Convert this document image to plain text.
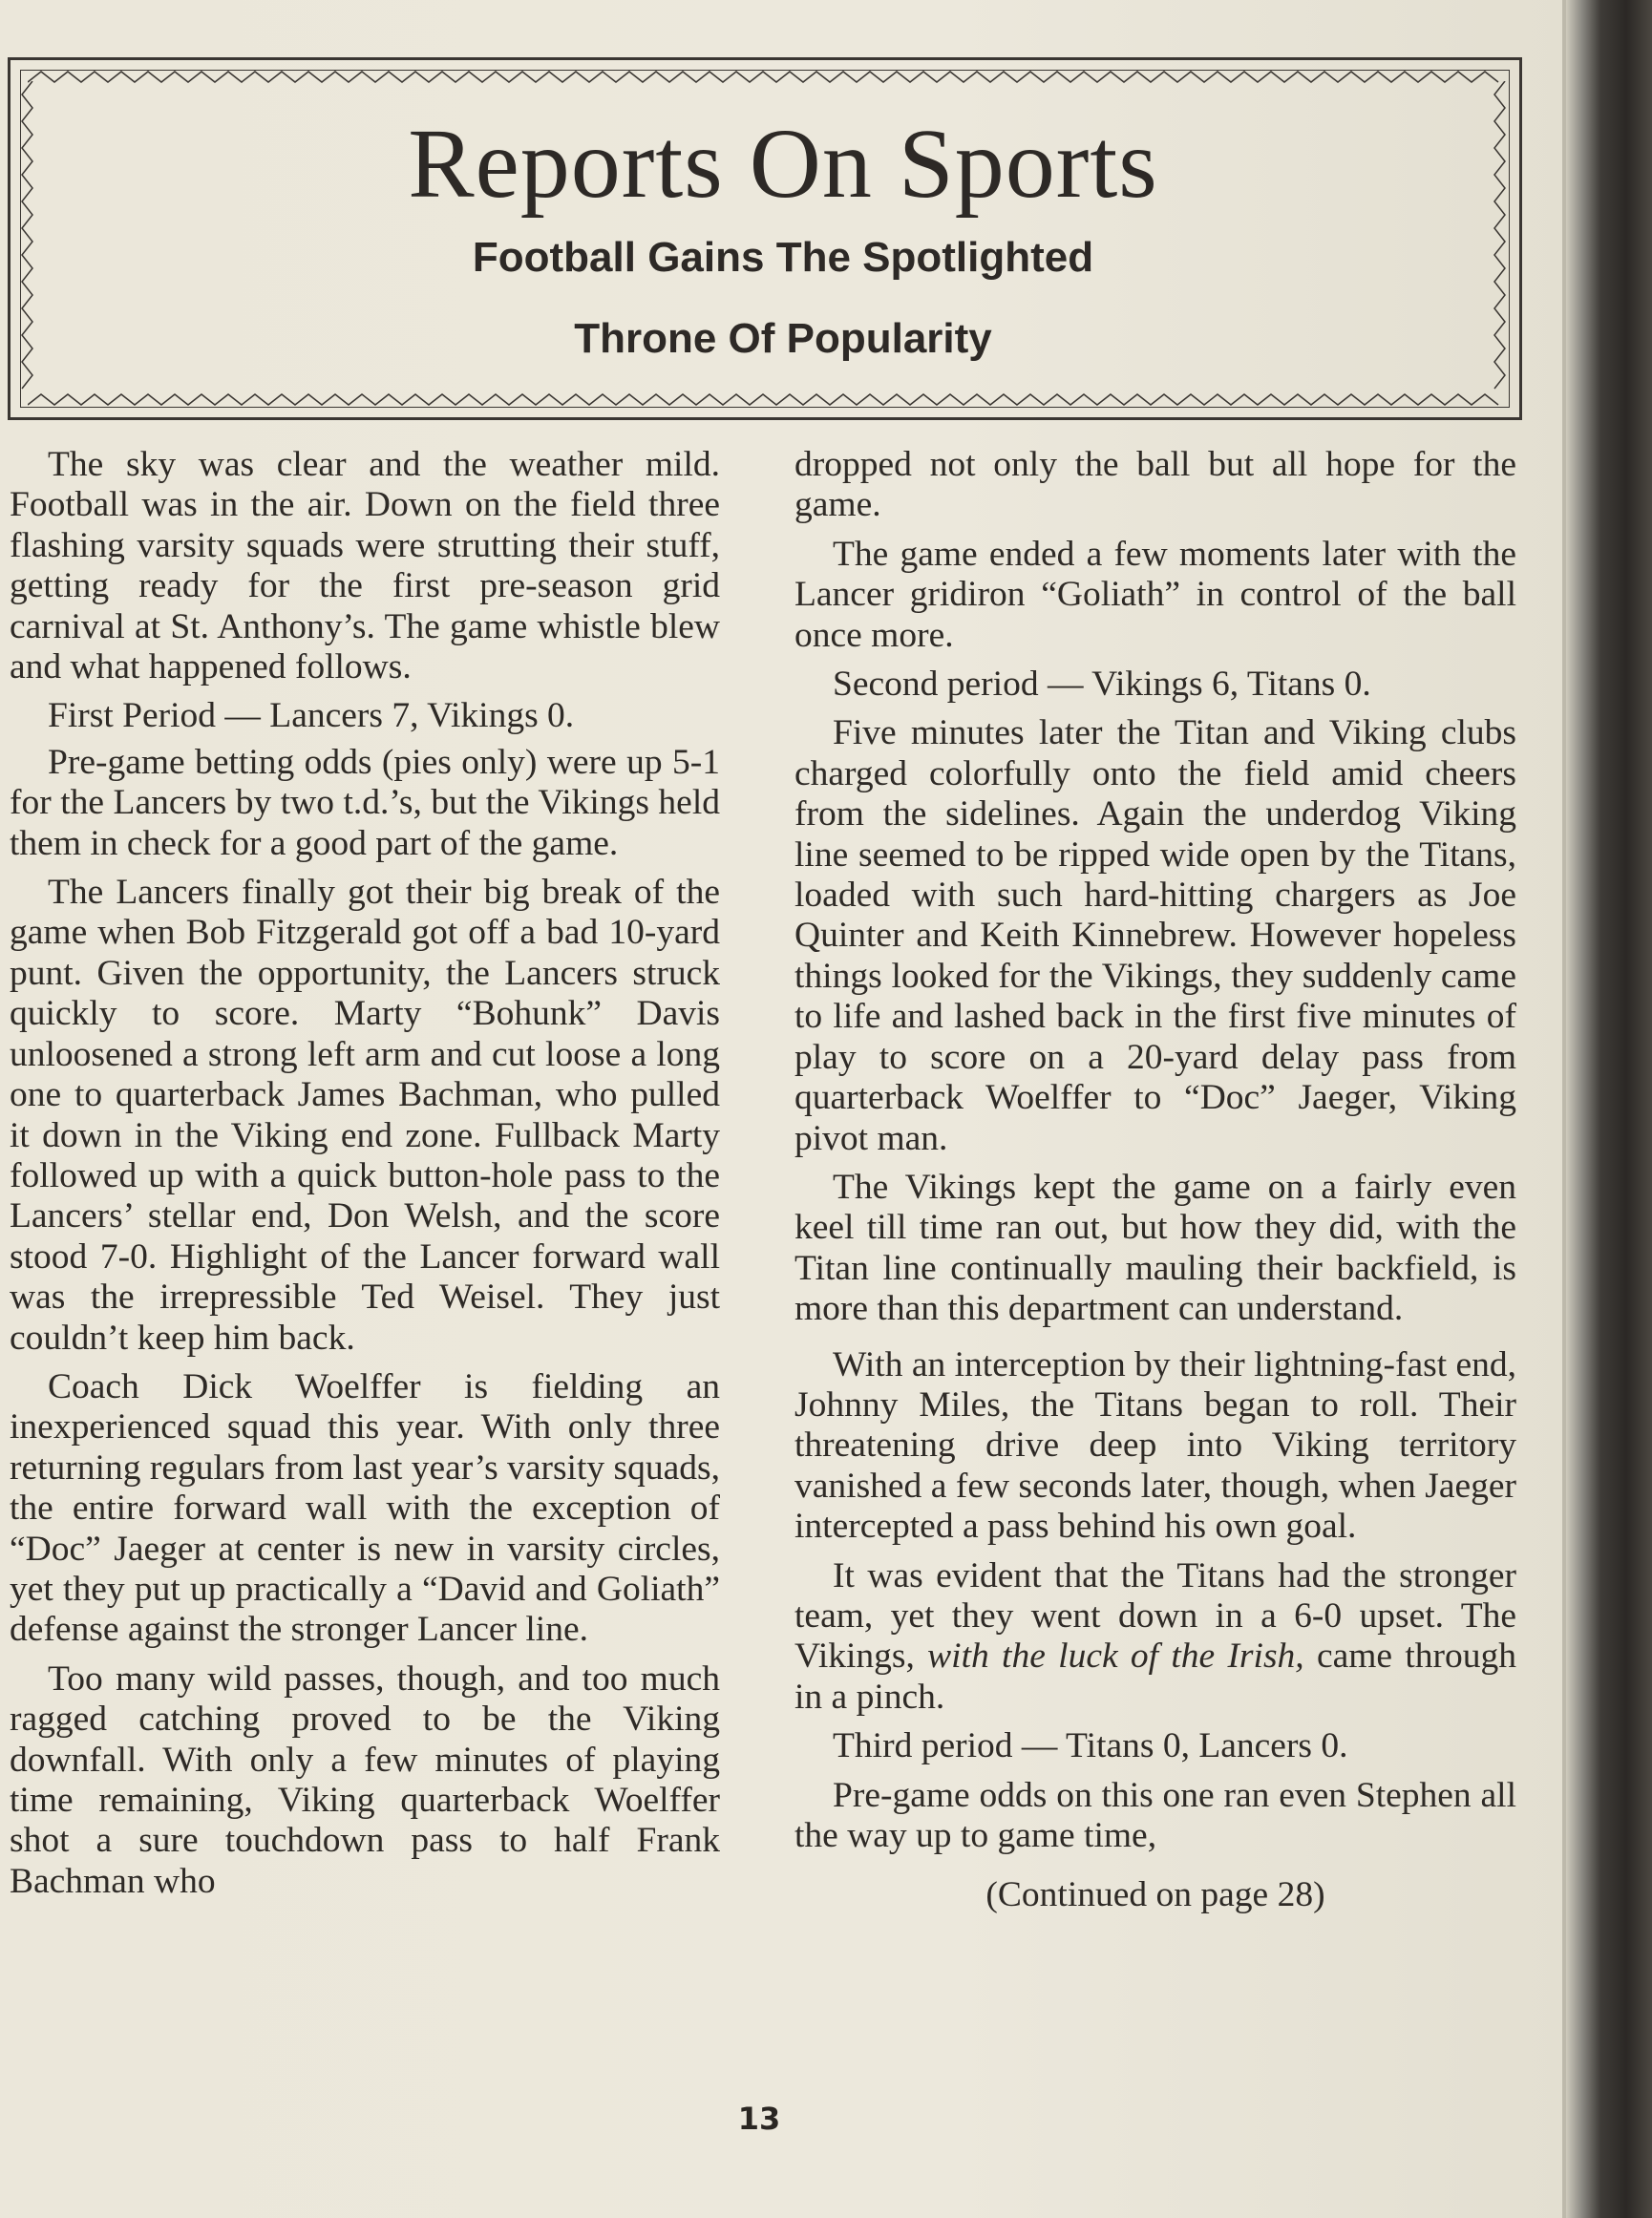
Reports On Sports
Football Gains The Spotlighted
Throne Of Popularity

The sky was clear and the weather mild. Football was in the air. Down on the field three flashing varsity squads were strutting their stuff, getting ready for the first pre-season grid carnival at St. Anthony’s. The game whistle blew and what happened follows.

First Period — Lancers 7, Vikings 0.

Pre-game betting odds (pies only) were up 5-1 for the Lancers by two t.d.’s, but the Vikings held them in check for a good part of the game.

The Lancers finally got their big break of the game when Bob Fitzgerald got off a bad 10-yard punt. Given the opportunity, the Lancers struck quickly to score. Marty “Bohunk” Davis unloosened a strong left arm and cut loose a long one to quarterback James Bachman, who pulled it down in the Viking end zone. Fullback Marty followed up with a quick button-hole pass to the Lancers’ stellar end, Don Welsh, and the score stood 7-0. Highlight of the Lancer forward wall was the irrepressible Ted Weisel. They just couldn’t keep him back.

Coach Dick Woelffer is fielding an inexperienced squad this year. With only three returning regulars from last year’s varsity squads, the entire forward wall with the exception of “Doc” Jaeger at center is new in varsity circles, yet they put up practically a “David and Goliath” defense against the stronger Lancer line.

Too many wild passes, though, and too much ragged catching proved to be the Viking downfall. With only a few minutes of playing time remaining, Viking quarterback Woelffer shot a sure touchdown pass to half Frank Bachman who

dropped not only the ball but all hope for the game.

The game ended a few moments later with the Lancer gridiron “Goliath” in control of the ball once more.

Second period — Vikings 6, Titans 0.

Five minutes later the Titan and Viking clubs charged colorfully onto the field amid cheers from the sidelines. Again the underdog Viking line seemed to be ripped wide open by the Titans, loaded with such hard-hitting chargers as Joe Quinter and Keith Kinnebrew. However hopeless things looked for the Vikings, they suddenly came to life and lashed back in the first five minutes of play to score on a 20-yard delay pass from quarterback Woelffer to “Doc” Jaeger, Viking pivot man.

The Vikings kept the game on a fairly even keel till time ran out, but how they did, with the Titan line continually mauling their backfield, is more than this department can understand.

With an interception by their lightning-fast end, Johnny Miles, the Titans began to roll. Their threatening drive deep into Viking territory vanished a few seconds later, though, when Jaeger intercepted a pass behind his own goal.

It was evident that the Titans had the stronger team, yet they went down in a 6-0 upset. The Vikings, with the luck of the Irish, came through in a pinch.

Third period — Titans 0, Lancers 0.

Pre-game odds on this one ran even Stephen all the way up to game time,

(Continued on page 28)
13
